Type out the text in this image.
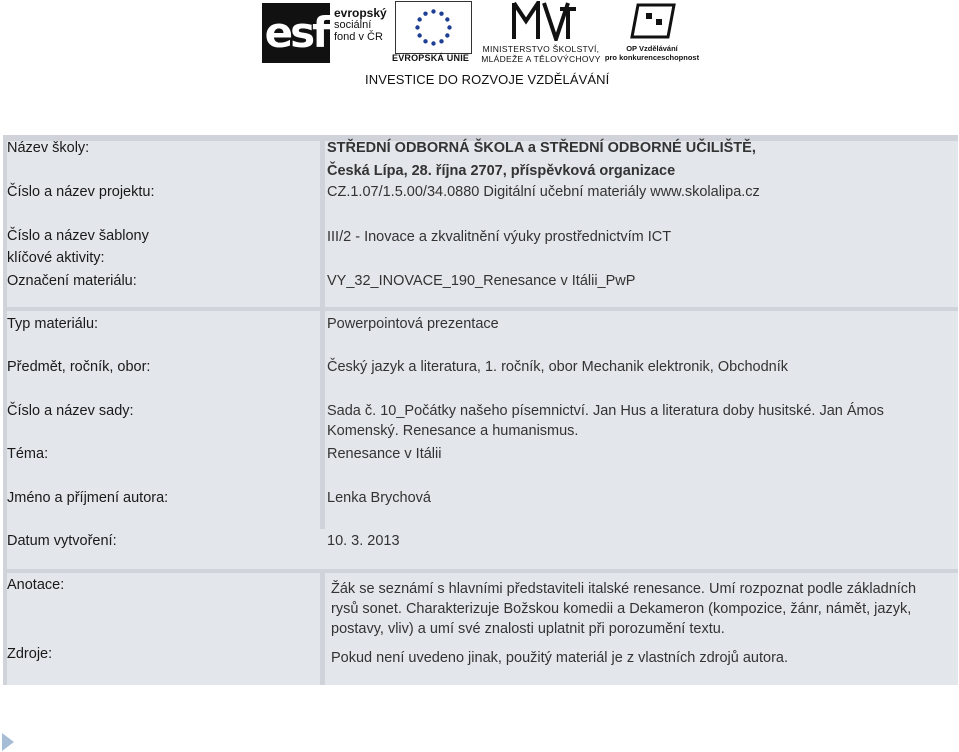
esf evropský
sociální
fond v ČR
EVROPSKÁ UNIE
MINISTERSTVO ŠKOLSTVÍ,
MLÁDEŽE A TĚLOVÝCHOVY
OP Vzdělávání
pro konkurenceschopnost
INVESTICE DO ROZVOJE VZDĚLÁVÁNÍ
Název školy:	STŘEDNÍ ODBORNÁ ŠKOLA a STŘEDNÍ ODBORNÉ UČILIŠTĚ,
Česká Lípa, 28. října 2707, příspěvková organizace
Číslo a název projektu:	CZ.1.07/1.5.00/34.0880 Digitální učební materiály www.skolalipa.cz
Číslo a název šablony
klíčové aktivity:
III/2 - Inovace a zkvalitnění výuky prostřednictvím ICT
Označení materiálu:	VY_32_INOVACE_190_Renesance v Itálii_PwP
Typ materiálu:	Powerpointová prezentace
Předmět, ročník, obor:	Český jazyk a literatura, 1. ročník, obor Mechanik elektronik, Obchodník
Číslo a název sady:	Sada č. 10_Počátky našeho písemnictví. Jan Hus a literatura doby husitské. Jan Ámos Komenský. Renesance a humanismus.
Téma:	Renesance v Itálii
Jméno a příjmení autora:	Lenka Brychová
Datum vytvoření:	10. 3. 2013
Anotace:	Žák se seznámí s hlavními představiteli italské renesance. Umí rozpoznat podle základních rysů sonet. Charakterizuje Božskou komedii a Dekameron (kompozice, žánr, námět, jazyk, postavy, vliv) a umí své znalosti uplatnit při porozumění textu.
Zdroje:	Pokud není uvedeno jinak, použitý materiál je z vlastních zdrojů autora.
